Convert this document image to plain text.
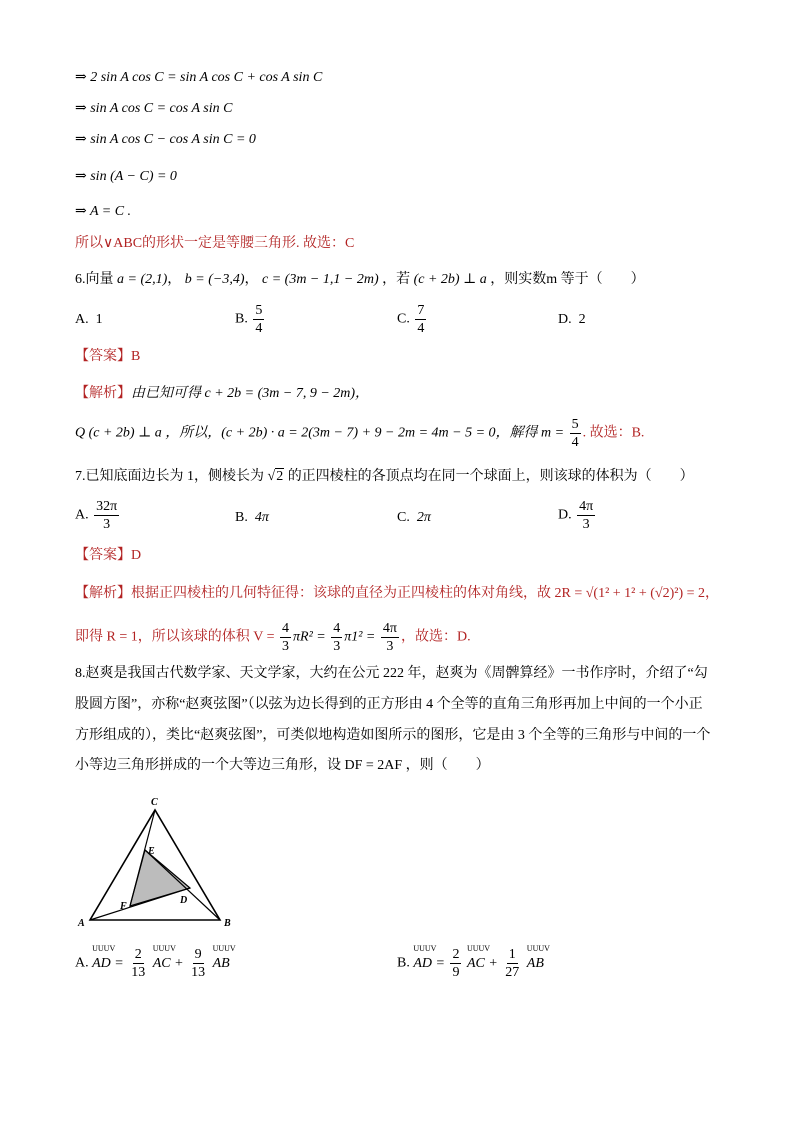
⇒ 2 sin A cos C = sin A cos C + cos A sin C
⇒ sin A cos C = cos A sin C
⇒ sin A cos C − cos A sin C = 0
⇒ sin (A − C) = 0
⇒ A = C .
所以∨ABC的形状一定是等腰三角形. 故选：C
6.向量 a = (2,1)， b = (−3,4)， c = (3m − 1,1 − 2m) ，若 (c + 2b) ⊥ a ，则实数m 等于（　　）
A. 1	B. $\frac{5}{4}$	C. $\frac{7}{4}$	D. 2
【答案】B
【解析】由已知可得 c + 2b = (3m − 7, 9 − 2m)，
Q (c + 2b) ⊥ a ，所以，(c + 2b) · a = 2(3m − 7) + 9 − 2m = 4m − 5 = 0，解得 $m = \frac{5}{4}$ . 故选：B.
7.已知底面边长为 1，侧棱长为 √2 的正四棱柱的各顶点均在同一个球面上，则该球的体积为（　　）
A. $\frac{32\pi}{3}$	B. 4π	C. 2π	D. $\frac{4\pi}{3}$
【答案】D
【解析】根据正四棱柱的几何特征得：该球的直径为正四棱柱的体对角线，故 2R = √(1² + 1² + (√2)²) = 2，
即得 R = 1，所以该球的体积 $V = \frac{4}{3} \pi R^2 = \frac{4}{3} \pi 1^2 = \frac{4\pi}{3}$ ，故选：D.
8.赵爽是我国古代数学家、天文学家，大约在公元 222 年，赵爽为《周髀算经》一书作序时，介绍了“勾
股圆方图”，亦称“赵爽弦图”（以弦为边长得到的正方形由 4 个全等的直角三角形再加上中间的一个小正
方形组成的），类比“赵爽弦图”，可类似地构造如图所示的图形，它是由 3 个全等的三角形与中间的一个
小等边三角形拼成的一个大等边三角形，设 DF = 2AF ，则（　　）
C
A	B
E
D
F
A.
UUUV
AD = $\frac{2}{13}$
UUUV
AC + $\frac{9}{13}$
UUUV
AB	B.
UUUV
AD = $\frac{2}{9}$
UUUV
AC + $\frac{1}{27}$
UUUV
AB
